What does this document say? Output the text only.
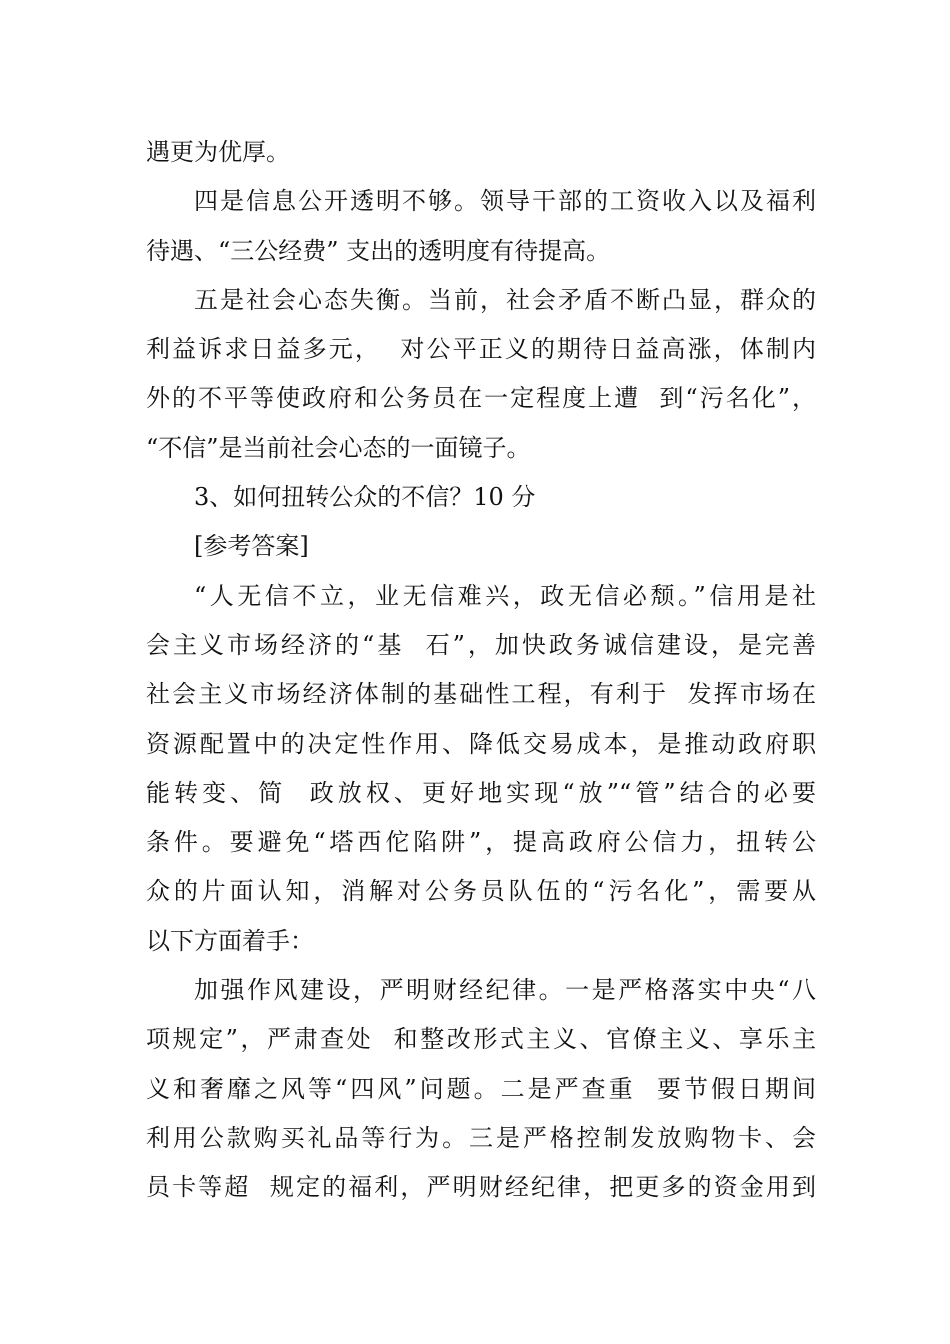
遇更为优厚。

四是信息公开透明不够。领导干部的工资收入以及福利

待遇、“三公经费” 支出的透明度有待提高。

五是社会心态失衡。当前，社会矛盾不断凸显，群众的

利益诉求日益多元，  对公平正义的期待日益高涨，体制内

外的不平等使政府和公务员在一定程度上遭  到“污名化”，

“不信”是当前社会心态的一面镜子。

3、如何扭转公众的不信？10 分

[参考答案]

“人无信不立，业无信难兴，政无信必颓。”信用是社

会主义市场经济的“基  石”，加快政务诚信建设，是完善

社会主义市场经济体制的基础性工程，有利于  发挥市场在

资源配置中的决定性作用、降低交易成本，是推动政府职

能转变、简  政放权、更好地实现“放”“管”结合的必要

条件。要避免“塔西佗陷阱”，提高政府公信力，扭转公

众的片面认知，消解对公务员队伍的“污名化”，需要从

以下方面着手：

加强作风建设，严明财经纪律。一是严格落实中央“八

项规定”，严肃查处  和整改形式主义、官僚主义、享乐主

义和奢靡之风等“四风”问题。二是严查重  要节假日期间

利用公款购买礼品等行为。三是严格控制发放购物卡、会

员卡等超  规定的福利，严明财经纪律，把更多的资金用到
